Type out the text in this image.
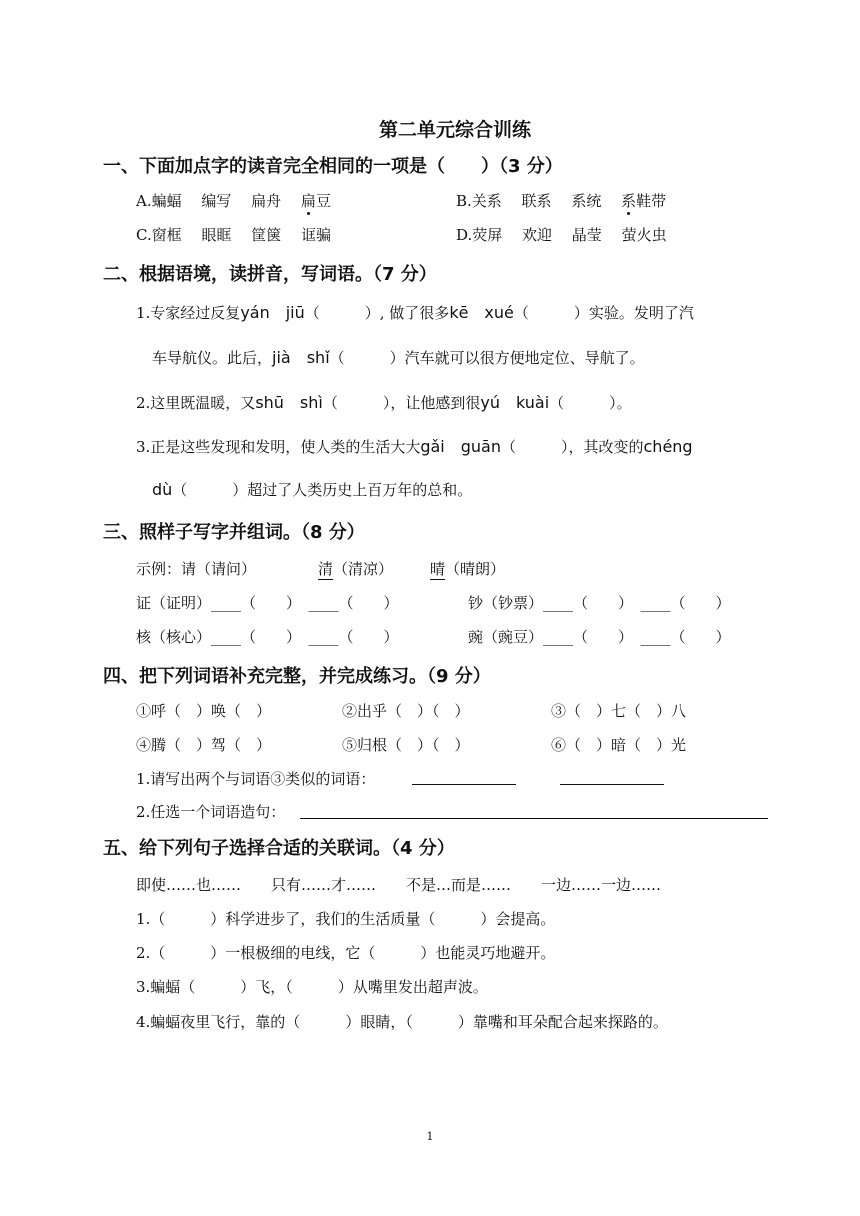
第二单元综合训练
一、下面加点字的读音完全相同的一项是（　　）（3 分）
A.蝙蝠　 编写　 扁舟　 扁豆	B.关系　 联系　 系统　 系鞋带
C.窗框　 眼眶　 筐箧　 诓骗	D.荧屏　 欢迎　 晶莹　 萤火虫
二、根据语境，读拼音，写词语。（7 分）
1.专家经过反复yán　jiū（　　　）, 做了很多kē　xué（　　　）实验。发明了汽
车导航仪。此后，jià　shǐ（　　　）汽车就可以很方便地定位、导航了。
2.这里既温暖，又shū　shì（　　　），让他感到很yú　kuài（　　　）。
3.正是这些发现和发明，使人类的生活大大gǎi　guān（　　　），其改变的chéng
dù（　　　）超过了人类历史上百万年的总和。
三、照样子写字并组词。（8 分）
示例：请（请问）	清（清凉） 晴（晴朗）
证（证明）____（　　）　____（　　）	钞（钞票）____（　　）　____（　　）
核（核心）____（　　）　____（　　）	豌（豌豆）____（　　）　____（　　）
四、把下列词语补充完整，并完成练习。（9 分）
①呼（　）唤（　）	②出乎（　）（　）	③（　）七（　）八
④腾（　）驾（　）	⑤归根（　）（　）	⑥（　）暗（　）光
1.请写出两个与词语③类似的词语：
2.任选一个词语造句：
五、给下列句子选择合适的关联词。（4 分）
即使……也……　　只有……才……　　不是…而是……　　一边……一边……
1.（　　　）科学进步了，我们的生活质量（　　　）会提高。
2.（　　　）一根极细的电线，它（　　　）也能灵巧地避开。
3.蝙蝠（　　　）飞，（　　　）从嘴里发出超声波。
4.蝙蝠夜里飞行，靠的（　　　）眼睛，（　　　）靠嘴和耳朵配合起来探路的。
1
